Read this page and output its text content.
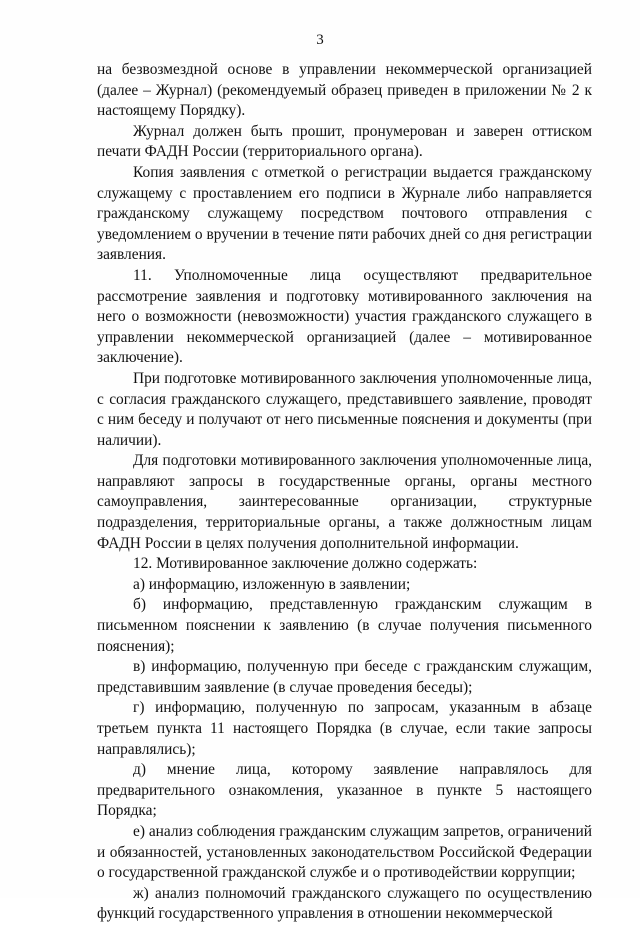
3

на безвозмездной основе в управлении некоммерческой организацией (далее – Журнал) (рекомендуемый образец приведен в приложении № 2 к настоящему Порядку).

Журнал должен быть прошит, пронумерован и заверен оттиском печати ФАДН России (территориального органа).

Копия заявления с отметкой о регистрации выдается гражданскому служащему с проставлением его подписи в Журнале либо направляется гражданскому служащему посредством почтового отправления с уведомлением о вручении в течение пяти рабочих дней со дня регистрации заявления.

11. Уполномоченные лица осуществляют предварительное рассмотрение заявления и подготовку мотивированного заключения на него о возможности (невозможности) участия гражданского служащего в управлении некоммерческой организацией (далее – мотивированное заключение).

При подготовке мотивированного заключения уполномоченные лица, с согласия гражданского служащего, представившего заявление, проводят с ним беседу и получают от него письменные пояснения и документы (при наличии).

Для подготовки мотивированного заключения уполномоченные лица, направляют запросы в государственные органы, органы местного самоуправления, заинтересованные организации, структурные подразделения, территориальные органы, а также должностным лицам ФАДН России в целях получения дополнительной информации.

12. Мотивированное заключение должно содержать:

а) информацию, изложенную в заявлении;

б) информацию, представленную гражданским служащим в письменном пояснении к заявлению (в случае получения письменного пояснения);

в) информацию, полученную при беседе с гражданским служащим, представившим заявление (в случае проведения беседы);

г) информацию, полученную по запросам, указанным в абзаце третьем пункта 11 настоящего Порядка (в случае, если такие запросы направлялись);

д) мнение лица, которому заявление направлялось для предварительного ознакомления, указанное в пункте 5 настоящего Порядка;

е) анализ соблюдения гражданским служащим запретов, ограничений и обязанностей, установленных законодательством Российской Федерации о государственной гражданской службе и о противодействии коррупции;

ж) анализ полномочий гражданского служащего по осуществлению функций государственного управления в отношении некоммерческой
